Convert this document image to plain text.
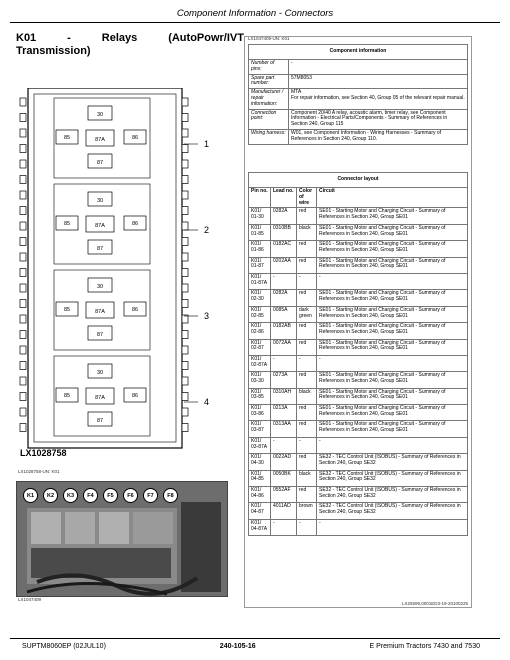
Component Information - Connectors
K01	-	Relays	(AutoPowr/IVT
Transmission)
30
85	87A	86
87
1
30
85	87A	86
87
2
30
85	87A	86
87
3
30
85	87A	86
87
4
LX1028758
LX1028758-UN: K01
K1	K2	K3	F4	F5	F6	F7	F8
LX1047409
LX1047409-UN: K01
Component information	
Number of pins:	-
Spare part number:	57M8053
Manufacturer / repair information:	MTA
For repair information, see Section 40, Group 05 of the relevant repair manual.
Connection point:	Component 20/40 A relay, acoustic alarm, timer relay, see Component Information - Electrical Parts/Components - Summary of References in Section 240, Group 115
Wiring harness:	W01, see Component Information - Wiring Harnesses - Summary of References in Section 240, Group 110.
Connector layout			
Pin no.	Lead no.	Color of wire	Circuit
K01/ 01-30	0282A	red	SE01 - Starting Motor and Charging Circuit - Summary of References in Section 240, Group SE01
K01/ 01-85	0310BB	black	SE01 - Starting Motor and Charging Circuit - Summary of References in Section 240, Group SE01
K01/ 01-86	0182AC	red	SE01 - Starting Motor and Charging Circuit - Summary of References in Section 240, Group SE01
K01/ 01-87	0202AA	red	SE01 - Starting Motor and Charging Circuit - Summary of References in Section 240, Group SE01
K01/ 01-87A	-	-	-
K01/ 02-30	0282A	red	SE01 - Starting Motor and Charging Circuit - Summary of References in Section 240, Group SE01
K01/ 02-85	0085A	dark green	SE01 - Starting Motor and Charging Circuit - Summary of References in Section 240, Group SE01
K01/ 02-86	0182AB	red	SE01 - Starting Motor and Charging Circuit - Summary of References in Section 240, Group SE01
K01/ 02-87	0072AA	red	SE01 - Starting Motor and Charging Circuit - Summary of References in Section 240, Group SE01
K01/ 02-87A	-	-	-
K01/ 03-30	0273A	red	SE01 - Starting Motor and Charging Circuit - Summary of References in Section 240, Group SE01
K01/ 03-85	0310AH	black	SE01 - Starting Motor and Charging Circuit - Summary of References in Section 240, Group SE01
K01/ 03-86	0213A	red	SE01 - Starting Motor and Charging Circuit - Summary of References in Section 240, Group SE01
K01/ 03-87	0313AA	red	SE01 - Starting Motor and Charging Circuit - Summary of References in Section 240, Group SE01
K01/ 03-87A	-	-	-
K01/ 04-30	0022AD	red	SE32 - TEC Control Unit (ISOBUS) - Summary of References in Section 240, Group SE32
K01/ 04-85	0050BK	black	SE32 - TEC Control Unit (ISOBUS) - Summary of References in Section 240, Group SE32
K01/ 04-86	0552AF	red	SE32 - TEC Control Unit (ISOBUS) - Summary of References in Section 240, Group SE32
K01/ 04-87	4011AD	brown	SE32 - TEC Control Unit (ISOBUS) - Summary of References in Section 240, Group SE32
K01/ 04-87A	-	-	-
LX25599,0001ED3-19-20100225
SUPTM8060EP (02JUL10)	240-105-16	E Premium Tractors 7430 and 7530
